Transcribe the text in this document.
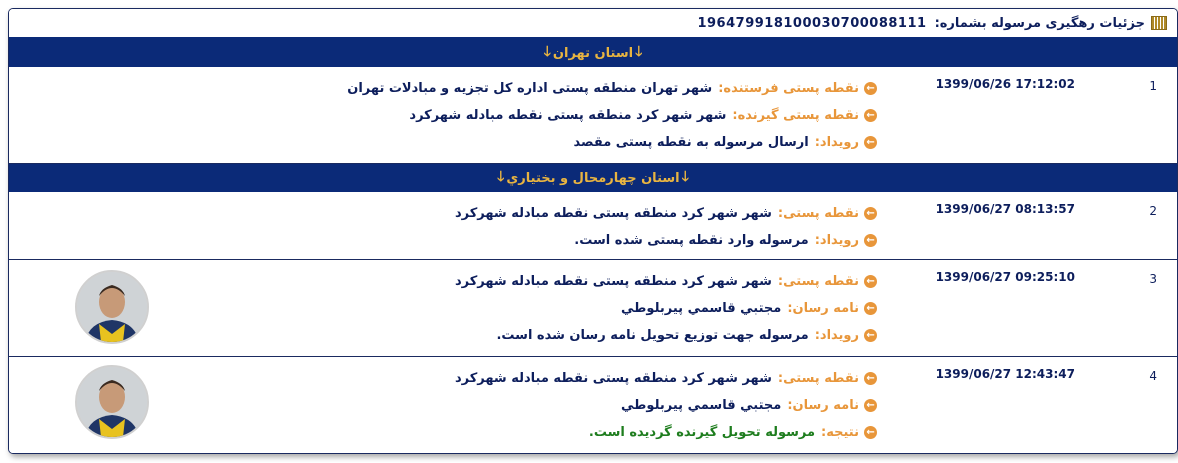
جزئیات رهگیری مرسوله بشماره:
196479918100030700088111
🡓
استان تهران
🡓
1
1399/06/26 17:12:02
←
نقطه پستی فرستنده:
شهر تهران منطقه پستی اداره کل تجزیه و مبادلات تهران
←
نقطه پستی گیرنده:
شهر شهر کرد منطقه پستی نقطه مبادله شهرکرد
←
رویداد:
ارسال مرسوله به نقطه پستی مقصد
🡓
استان چهارمحال و بختياري
🡓
2
1399/06/27 08:13:57
←
نقطه پستی:
شهر شهر کرد منطقه پستی نقطه مبادله شهرکرد
←
رویداد:
مرسوله وارد نقطه پستی شده است.
3
1399/06/27 09:25:10
←
نقطه پستی:
شهر شهر کرد منطقه پستی نقطه مبادله شهرکرد
←
نامه رسان:
مجتبي قاسمي پيربلوطي
←
رویداد:
مرسوله جهت توزیع تحویل نامه رسان شده است.
4
1399/06/27 12:43:47
←
نقطه پستی:
شهر شهر کرد منطقه پستی نقطه مبادله شهرکرد
←
نامه رسان:
مجتبي قاسمي پيربلوطي
←
نتیجه:
مرسوله تحویل گیرنده گردیده است.
